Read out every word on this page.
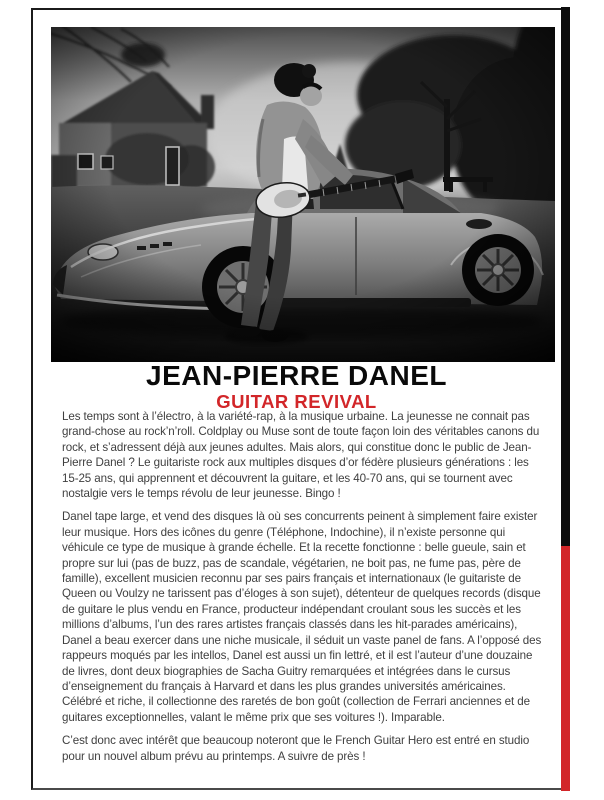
JEAN-PIERRE DANEL
GUITAR REVIVAL

Les temps sont à l’électro, à la variété-rap, à la musique urbaine. La jeunesse ne connait pas grand-chose au rock’n’roll. Coldplay ou Muse sont de toute façon loin des véritables canons du rock, et s’adressent déjà aux jeunes adultes. Mais alors, qui constitue donc le public de Jean-Pierre Danel ? Le guitariste rock aux multiples disques d’or fédère plusieurs générations : les 15-25 ans, qui apprennent et découvrent la guitare, et les 40-70 ans, qui se tournent avec nostalgie vers le temps révolu de leur jeunesse. Bingo !

Danel tape large, et vend des disques là où ses concurrents peinent à simplement faire exister leur musique. Hors des icônes du genre (Téléphone, Indochine), il n’existe personne qui véhicule ce type de musique à grande échelle. Et la recette fonctionne : belle gueule, sain et propre sur lui (pas de buzz, pas de scandale, végétarien, ne boit pas, ne fume pas, père de famille), excellent musicien reconnu par ses pairs français et internationaux (le guitariste de Queen ou Voulzy ne tarissent pas d’éloges à son sujet), détenteur de quelques records (disque de guitare le plus vendu en France, producteur indépendant croulant sous les succès et les millions d’albums, l’un des rares artistes français classés dans les hit-parades américains), Danel a beau exercer dans une niche musicale, il séduit un vaste panel de fans. A l’opposé des rappeurs moqués par les intellos, Danel est aussi un fin lettré, et il est l’auteur d’une douzaine de livres, dont deux biographies de Sacha Guitry remarquées et intégrées dans le cursus d’enseignement du français à Harvard et dans les plus grandes universités américaines. Célébré et riche, il collectionne des raretés de bon goût (collection de Ferrari anciennes et de guitares exceptionnelles, valant le même prix que ses voitures !). Imparable.

C’est donc avec intérêt que beaucoup noteront que le French Guitar Hero est entré en studio pour un nouvel album prévu au printemps. A suivre de près !
